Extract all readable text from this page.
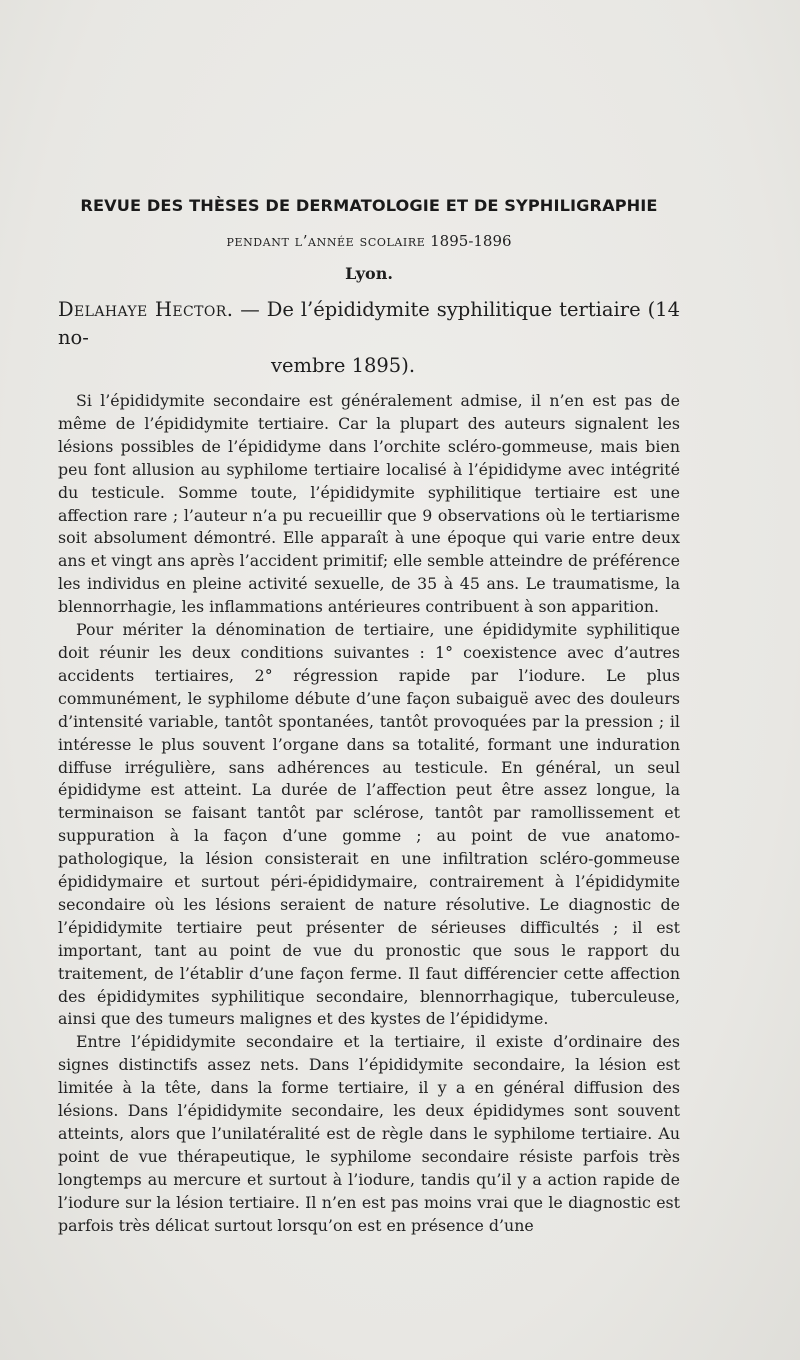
REVUE DES THÈSES DE DERMATOLOGIE ET DE SYPHILIGRAPHIE
pendant l’année scolaire 1895-1896
Lyon.
Delahaye Hector. — De l’épididymite syphilitique tertiaire (14 no-
vembre 1895).

Si l’épididymite secondaire est généralement admise, il n’en est pas de même de l’épididymite tertiaire. Car la plupart des auteurs signalent les lésions possibles de l’épididyme dans l’orchite scléro-gommeuse, mais bien peu font allusion au syphilome tertiaire localisé à l’épididyme avec intégrité du testicule. Somme toute, l’épididymite syphilitique tertiaire est une affection rare ; l’auteur n’a pu recueillir que 9 observations où le tertiarisme soit absolument démontré. Elle apparaît à une époque qui varie entre deux ans et vingt ans après l’accident primitif; elle semble atteindre de préférence les individus en pleine activité sexuelle, de 35 à 45 ans. Le traumatisme, la blennorrhagie, les inflammations antérieures contribuent à son apparition.

Pour mériter la dénomination de tertiaire, une épididymite syphilitique doit réunir les deux conditions suivantes : 1° coexistence avec d’autres accidents tertiaires, 2° régression rapide par l’iodure. Le plus communément, le syphilome débute d’une façon subaiguë avec des douleurs d’intensité variable, tantôt spontanées, tantôt provoquées par la pression ; il intéresse le plus souvent l’organe dans sa totalité, formant une induration diffuse irrégulière, sans adhérences au testicule. En général, un seul épididyme est atteint. La durée de l’affection peut être assez longue, la terminaison se faisant tantôt par sclérose, tantôt par ramollissement et suppuration à la façon d’une gomme ; au point de vue anatomo-pathologique, la lésion consisterait en une infiltration scléro-gommeuse épididymaire et surtout péri-épididymaire, contrairement à l’épididymite secondaire où les lésions seraient de nature résolutive. Le diagnostic de l’épididymite tertiaire peut présenter de sérieuses difficultés ; il est important, tant au point de vue du pronostic que sous le rapport du traitement, de l’établir d’une façon ferme. Il faut différencier cette affection des épididymites syphilitique secondaire, blennorrhagique, tuberculeuse, ainsi que des tumeurs malignes et des kystes de l’épididyme.

Entre l’épididymite secondaire et la tertiaire, il existe d’ordinaire des signes distinctifs assez nets. Dans l’épididymite secondaire, la lésion est limitée à la tête, dans la forme tertiaire, il y a en général diffusion des lésions. Dans l’épididymite secondaire, les deux épididymes sont souvent atteints, alors que l’unilatéralité est de règle dans le syphilome tertiaire. Au point de vue thérapeutique, le syphilome secondaire résiste parfois très longtemps au mercure et surtout à l’iodure, tandis qu’il y a action rapide de l’iodure sur la lésion tertiaire. Il n’en est pas moins vrai que le diagnostic est parfois très délicat surtout lorsqu’on est en présence d’une
